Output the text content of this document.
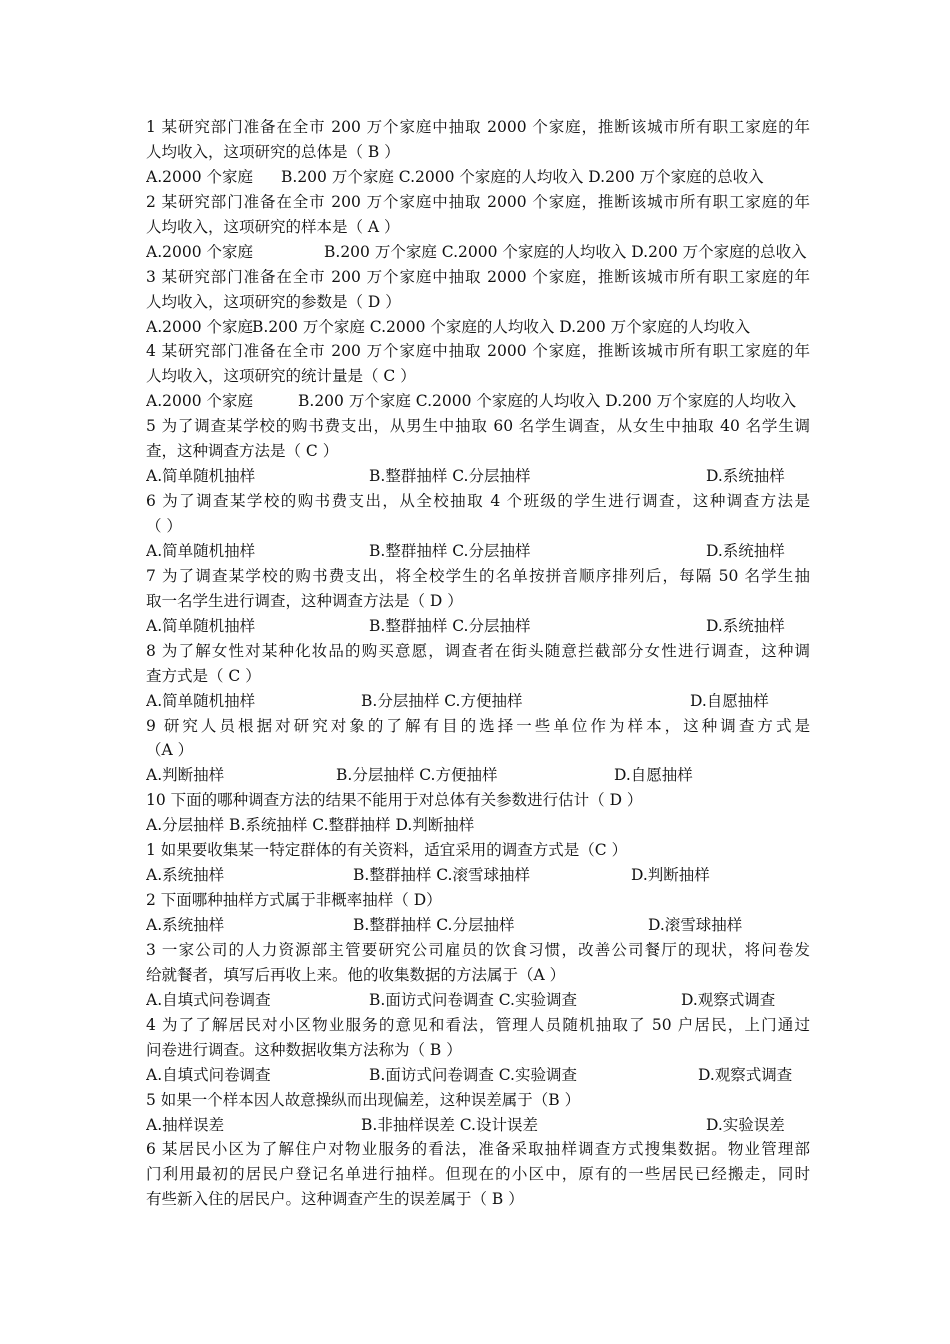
1 某研究部门准备在全市 200 万个家庭中抽取 2000 个家庭，推断该城市所有职工家庭的年
人均收入，这项研究的总体是（ B ）
A.2000 个家庭 B.200 万个家庭 C.2000 个家庭的人均收入 D.200 万个家庭的总收入
2 某研究部门准备在全市 200 万个家庭中抽取 2000 个家庭，推断该城市所有职工家庭的年
人均收入，这项研究的样本是（ A ）
A.2000 个家庭	B.200 万个家庭 C.2000 个家庭的人均收入 D.200 万个家庭的总收入
3 某研究部门准备在全市 200 万个家庭中抽取 2000 个家庭，推断该城市所有职工家庭的年
人均收入，这项研究的参数是（ D ）
A.2000 个家庭 B.200 万个家庭 C.2000 个家庭的人均收入 D.200 万个家庭的人均收入
4 某研究部门准备在全市 200 万个家庭中抽取 2000 个家庭，推断该城市所有职工家庭的年
人均收入，这项研究的统计量是（ C ）
A.2000 个家庭	B.200 万个家庭 C.2000 个家庭的人均收入 D.200 万个家庭的人均收入
5 为了调查某学校的购书费支出，从男生中抽取 60 名学生调查，从女生中抽取 40 名学生调
查，这种调查方法是（ C ）
A.简单随机抽样	B.整群抽样 C.分层抽样	D.系统抽样
6 为了调查某学校的购书费支出，从全校抽取 4 个班级的学生进行调查，这种调查方法是
（ ）
A.简单随机抽样	B.整群抽样 C.分层抽样	D.系统抽样
7 为了调查某学校的购书费支出，将全校学生的名单按拼音顺序排列后，每隔 50 名学生抽
取一名学生进行调查，这种调查方法是（ D ）
A.简单随机抽样	B.整群抽样 C.分层抽样	D.系统抽样
8 为了解女性对某种化妆品的购买意愿，调查者在街头随意拦截部分女性进行调查，这种调
查方式是（ C ）
A.简单随机抽样	B.分层抽样 C.方便抽样	D.自愿抽样
9 研究人员根据对研究对象的了解有目的选择一些单位作为样本，这种调查方式是
（A ）
A.判断抽样	B.分层抽样 C.方便抽样	D.自愿抽样
10 下面的哪种调查方法的结果不能用于对总体有关参数进行估计（ D ）
A.分层抽样 B.系统抽样 C.整群抽样 D.判断抽样
1 如果要收集某一特定群体的有关资料，适宜采用的调查方式是（C ）
A.系统抽样	B.整群抽样 C.滚雪球抽样	D.判断抽样
2 下面哪种抽样方式属于非概率抽样（ D）
A.系统抽样	B.整群抽样 C.分层抽样	D.滚雪球抽样
3 一家公司的人力资源部主管要研究公司雇员的饮食习惯，改善公司餐厅的现状，将问卷发
给就餐者，填写后再收上来。他的收集数据的方法属于（A ）
A.自填式问卷调查	B.面访式问卷调查 C.实验调查	D.观察式调查
4 为了了解居民对小区物业服务的意见和看法，管理人员随机抽取了 50 户居民，上门通过
问卷进行调查。这种数据收集方法称为（ B ）
A.自填式问卷调查	B.面访式问卷调查 C.实验调查	D.观察式调查
5 如果一个样本因人故意操纵而出现偏差，这种误差属于（B ）
A.抽样误差	B.非抽样误差 C.设计误差	D.实验误差
6 某居民小区为了解住户对物业服务的看法，准备采取抽样调查方式搜集数据。物业管理部
门利用最初的居民户登记名单进行抽样。但现在的小区中，原有的一些居民已经搬走，同时
有些新入住的居民户。这种调查产生的误差属于（ B ）
